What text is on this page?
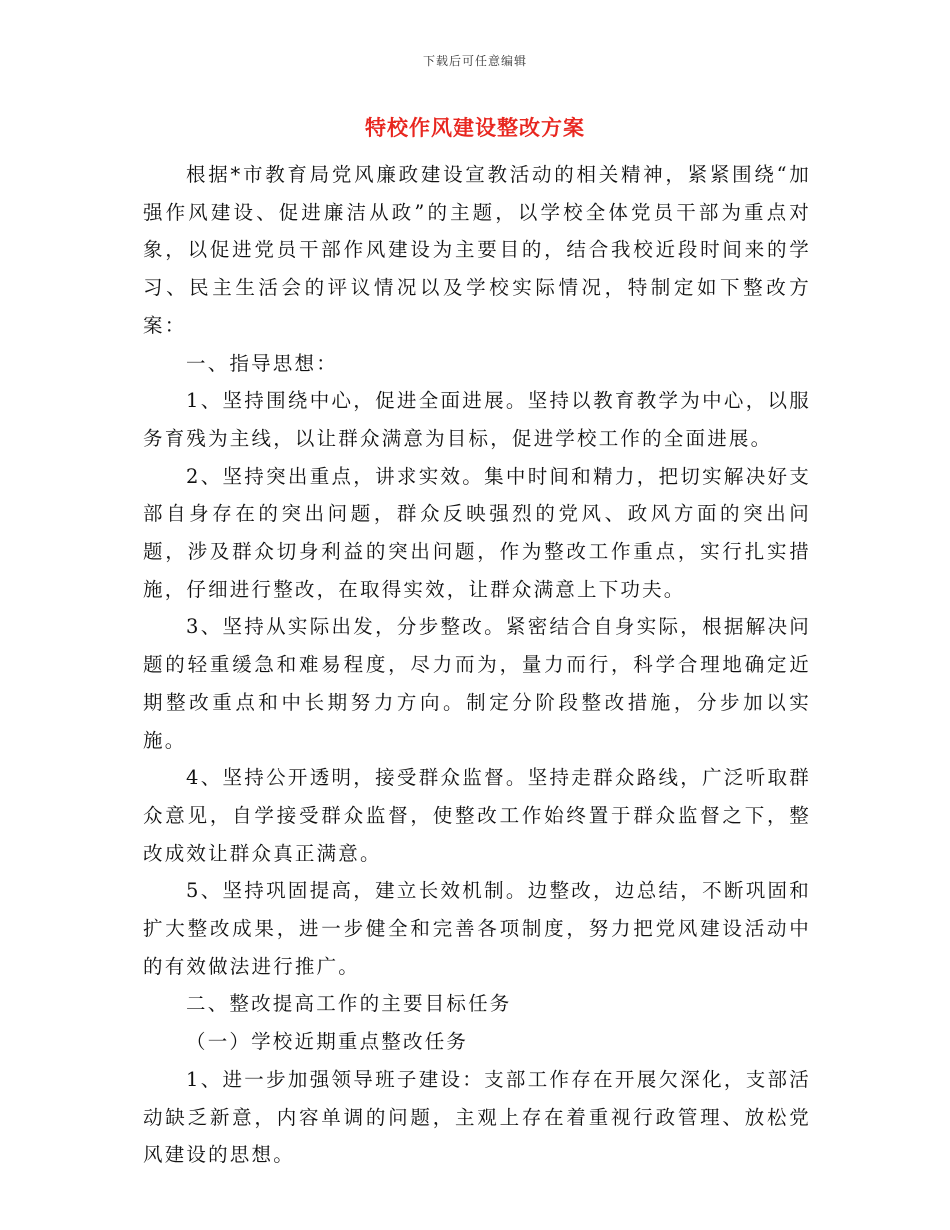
下载后可任意编辑
特校作风建设整改方案

根据*市教育局党风廉政建设宣教活动的相关精神，紧紧围绕“加强作风建设、促进廉洁从政”的主题，以学校全体党员干部为重点对象，以促进党员干部作风建设为主要目的，结合我校近段时间来的学习、民主生活会的评议情况以及学校实际情况，特制定如下整改方案：

一、指导思想：

1、坚持围绕中心，促进全面进展。坚持以教育教学为中心，以服务育残为主线，以让群众满意为目标，促进学校工作的全面进展。

2、坚持突出重点，讲求实效。集中时间和精力，把切实解决好支部自身存在的突出问题，群众反映强烈的党风、政风方面的突出问题，涉及群众切身利益的突出问题，作为整改工作重点，实行扎实措施，仔细进行整改，在取得实效，让群众满意上下功夫。

3、坚持从实际出发，分步整改。紧密结合自身实际，根据解决问题的轻重缓急和难易程度，尽力而为，量力而行，科学合理地确定近期整改重点和中长期努力方向。制定分阶段整改措施，分步加以实施。

4、坚持公开透明，接受群众监督。坚持走群众路线，广泛听取群众意见，自学接受群众监督，使整改工作始终置于群众监督之下，整改成效让群众真正满意。

5、坚持巩固提高，建立长效机制。边整改，边总结，不断巩固和扩大整改成果，进一步健全和完善各项制度，努力把党风建设活动中的有效做法进行推广。

二、整改提高工作的主要目标任务

（一）学校近期重点整改任务

1、进一步加强领导班子建设：支部工作存在开展欠深化，支部活动缺乏新意，内容单调的问题，主观上存在着重视行政管理、放松党风建设的思想。
